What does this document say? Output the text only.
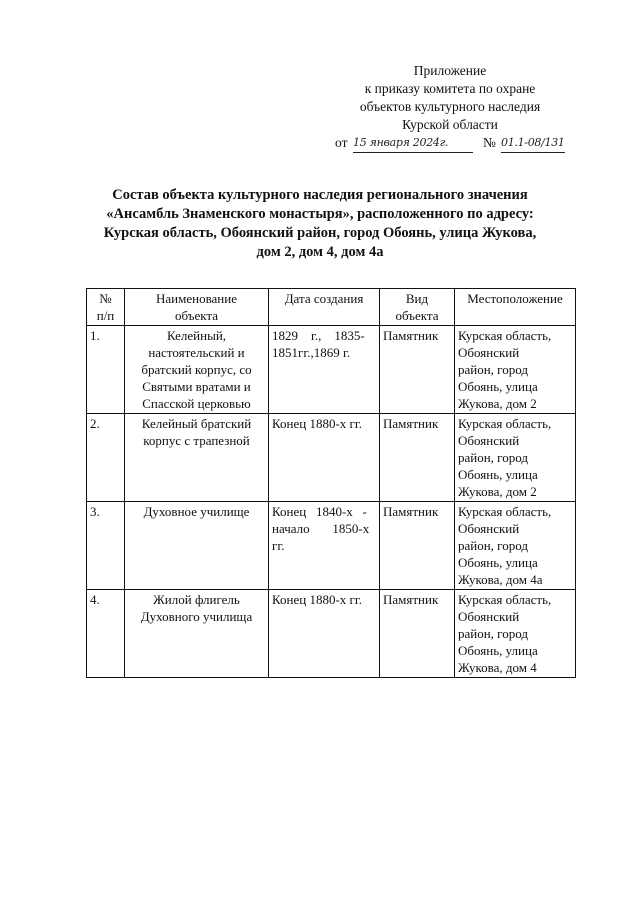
Приложение
к приказу комитета по охране
объектов культурного наследия
Курской области
от 15 января 2024г.	№ 01.1-08/131
Состав объекта культурного наследия регионального значения
«Ансамбль Знаменского монастыря», расположенного по адресу:
Курская область, Обоянский район, город Обоянь, улица Жукова,
дом 2, дом 4, дом 4а
№
п/п	Наименование
объекта	Дата создания	Вид
объекта	Местоположение
1.	Келейный,
настоятельский и
братский корпус, со
Святыми вратами и
Спасской церковью	1829    г.,    1835-
1851гг.,1869 г.	Памятник	Курская область,
Обоянский
район, город
Обоянь, улица
Жукова, дом 2

2.	Келейный братский
корпус с трапезной	Конец 1880-х гг.	Памятник	Курская область,
Обоянский
район, город
Обоянь, улица
Жукова, дом 2

3.	Духовное училище	Конец   1840-х   -
начало       1850-х
гг.	Памятник	Курская область,
Обоянский
район, город
Обоянь, улица
Жукова, дом 4а

4.	Жилой флигель
Духовного училища	Конец 1880-х гг.	Памятник	Курская область,
Обоянский
район, город
Обоянь, улица
Жукова, дом 4
